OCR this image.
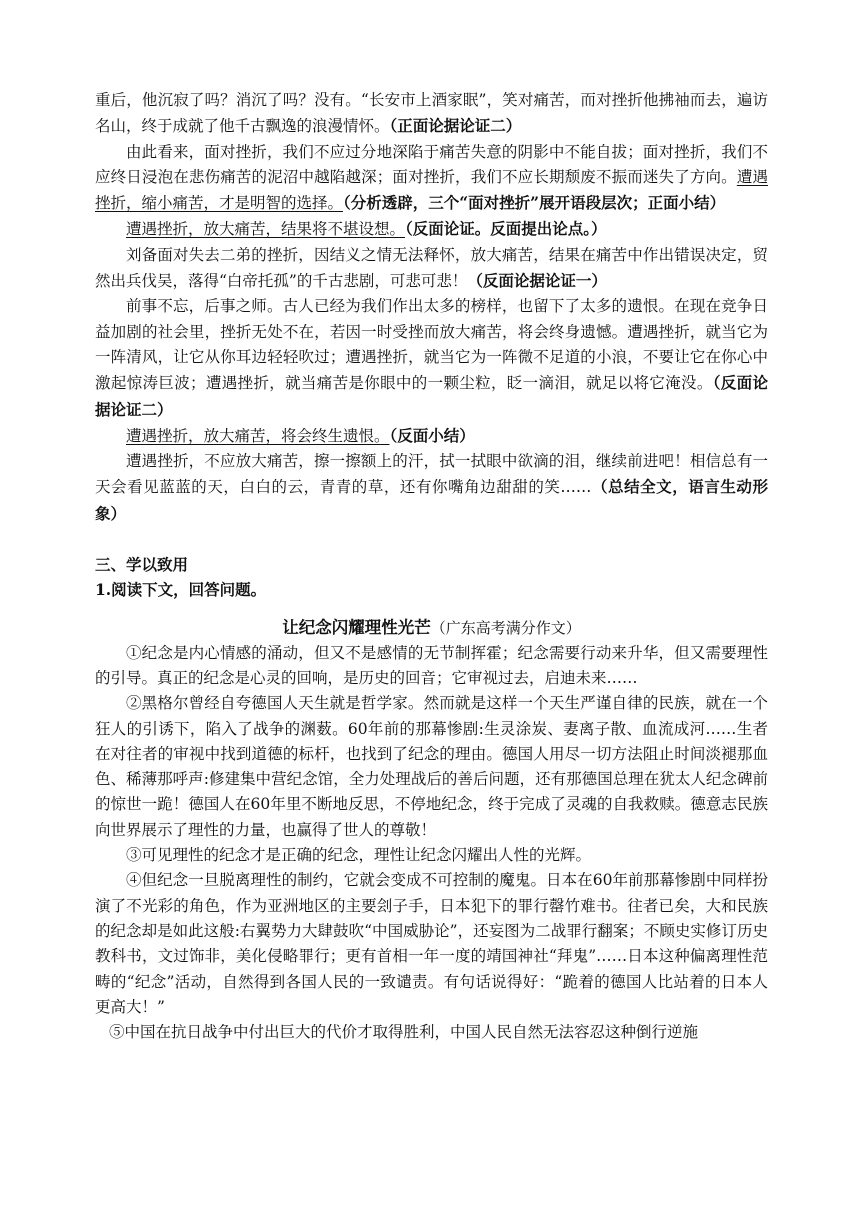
重后，他沉寂了吗？消沉了吗？没有。“长安市上酒家眠”，笑对痛苦，而对挫折他拂袖而去，遍访名山，终于成就了他千古飘逸的浪漫情怀。（正面论据论证二）

由此看来，面对挫折，我们不应过分地深陷于痛苦失意的阴影中不能自拔；面对挫折，我们不应终日浸泡在悲伤痛苦的泥沼中越陷越深；面对挫折，我们不应长期颓废不振而迷失了方向。遭遇挫折，缩小痛苦，才是明智的选择。（分析透辟，三个“面对挫折”展开语段层次；正面小结）

遭遇挫折，放大痛苦，结果将不堪设想。（反面论证。反面提出论点。）

刘备面对失去二弟的挫折，因结义之情无法释怀，放大痛苦，结果在痛苦中作出错误决定，贸然出兵伐吴，落得“白帝托孤”的千古悲剧，可悲可悲！（反面论据论证一）

前事不忘，后事之师。古人已经为我们作出太多的榜样，也留下了太多的遗恨。在现在竞争日益加剧的社会里，挫折无处不在，若因一时受挫而放大痛苦，将会终身遗憾。遭遇挫折，就当它为一阵清风，让它从你耳边轻轻吹过；遭遇挫折，就当它为一阵微不足道的小浪，不要让它在你心中激起惊涛巨波；遭遇挫折，就当痛苦是你眼中的一颗尘粒，眨一滴泪，就足以将它淹没。（反面论据论证二）

遭遇挫折，放大痛苦，将会终生遗恨。（反面小结）

遭遇挫折，不应放大痛苦，擦一擦额上的汗，拭一拭眼中欲滴的泪，继续前进吧！相信总有一天会看见蓝蓝的天，白白的云，青青的草，还有你嘴角边甜甜的笑……（总结全文，语言生动形象）

三、学以致用

1.阅读下文，回答问题。

让纪念闪耀理性光芒（广东高考满分作文）

①纪念是内心情感的涌动，但又不是感情的无节制挥霍；纪念需要行动来升华，但又需要理性的引导。真正的纪念是心灵的回响，是历史的回音；它审视过去，启迪未来……

②黑格尔曾经自夸德国人天生就是哲学家。然而就是这样一个天生严谨自律的民族，就在一个狂人的引诱下，陷入了战争的渊薮。60年前的那幕惨剧:生灵涂炭、妻离子散、血流成河……生者在对往者的审视中找到道德的标杆，也找到了纪念的理由。德国人用尽一切方法阻止时间淡褪那血色、稀薄那呼声:修建集中营纪念馆，全力处理战后的善后问题，还有那德国总理在犹太人纪念碑前的惊世一跪！德国人在60年里不断地反思，不停地纪念，终于完成了灵魂的自我救赎。德意志民族向世界展示了理性的力量，也赢得了世人的尊敬！

③可见理性的纪念才是正确的纪念，理性让纪念闪耀出人性的光辉。

④但纪念一旦脱离理性的制约，它就会变成不可控制的魔鬼。日本在60年前那幕惨剧中同样扮演了不光彩的角色，作为亚洲地区的主要刽子手，日本犯下的罪行罄竹难书。往者已矣，大和民族的纪念却是如此这般:右翼势力大肆鼓吹“中国威胁论”，还妄图为二战罪行翻案；不顾史实修订历史教科书，文过饰非，美化侵略罪行；更有首相一年一度的靖国神社“拜鬼”……日本这种偏离理性范畴的“纪念”活动，自然得到各国人民的一致谴责。有句话说得好：“跪着的德国人比站着的日本人更高大！”

⑤中国在抗日战争中付出巨大的代价才取得胜利，中国人民自然无法容忍这种倒行逆施
